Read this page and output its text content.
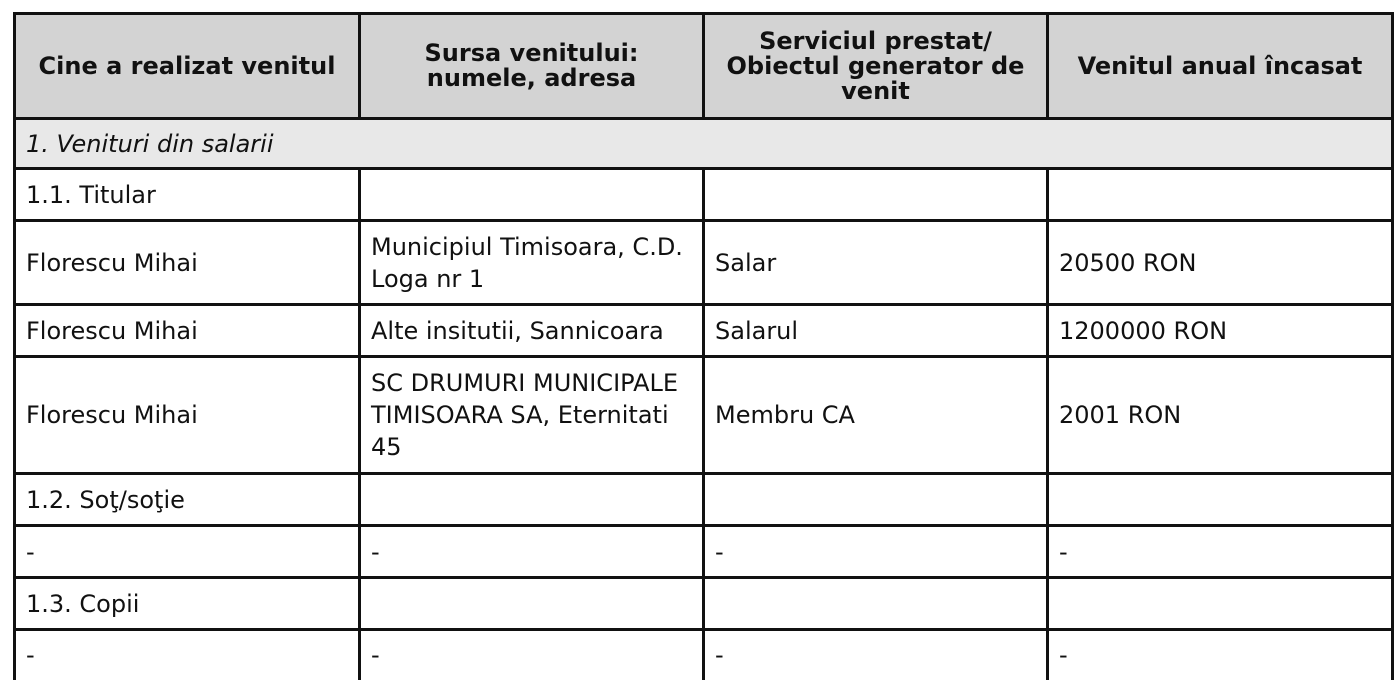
Cine a realizat venitul	Sursa venitului: numele, adresa	Serviciul prestat/ Obiectul generator de venit	Venitul anual încasat
1. Venituri din salarii			
1.1. Titular			
Florescu Mihai	Municipiul Timisoara, C.D. Loga nr 1	Salar	20500 RON
Florescu Mihai	Alte insitutii, Sannicoara	Salarul	1200000 RON
Florescu Mihai	SC DRUMURI MUNICIPALE TIMISOARA SA, Eternitati 45	Membru CA	2001 RON
1.2. Soţ/soţie			
-	-	-	-
1.3. Copii			
-	-	-	-
